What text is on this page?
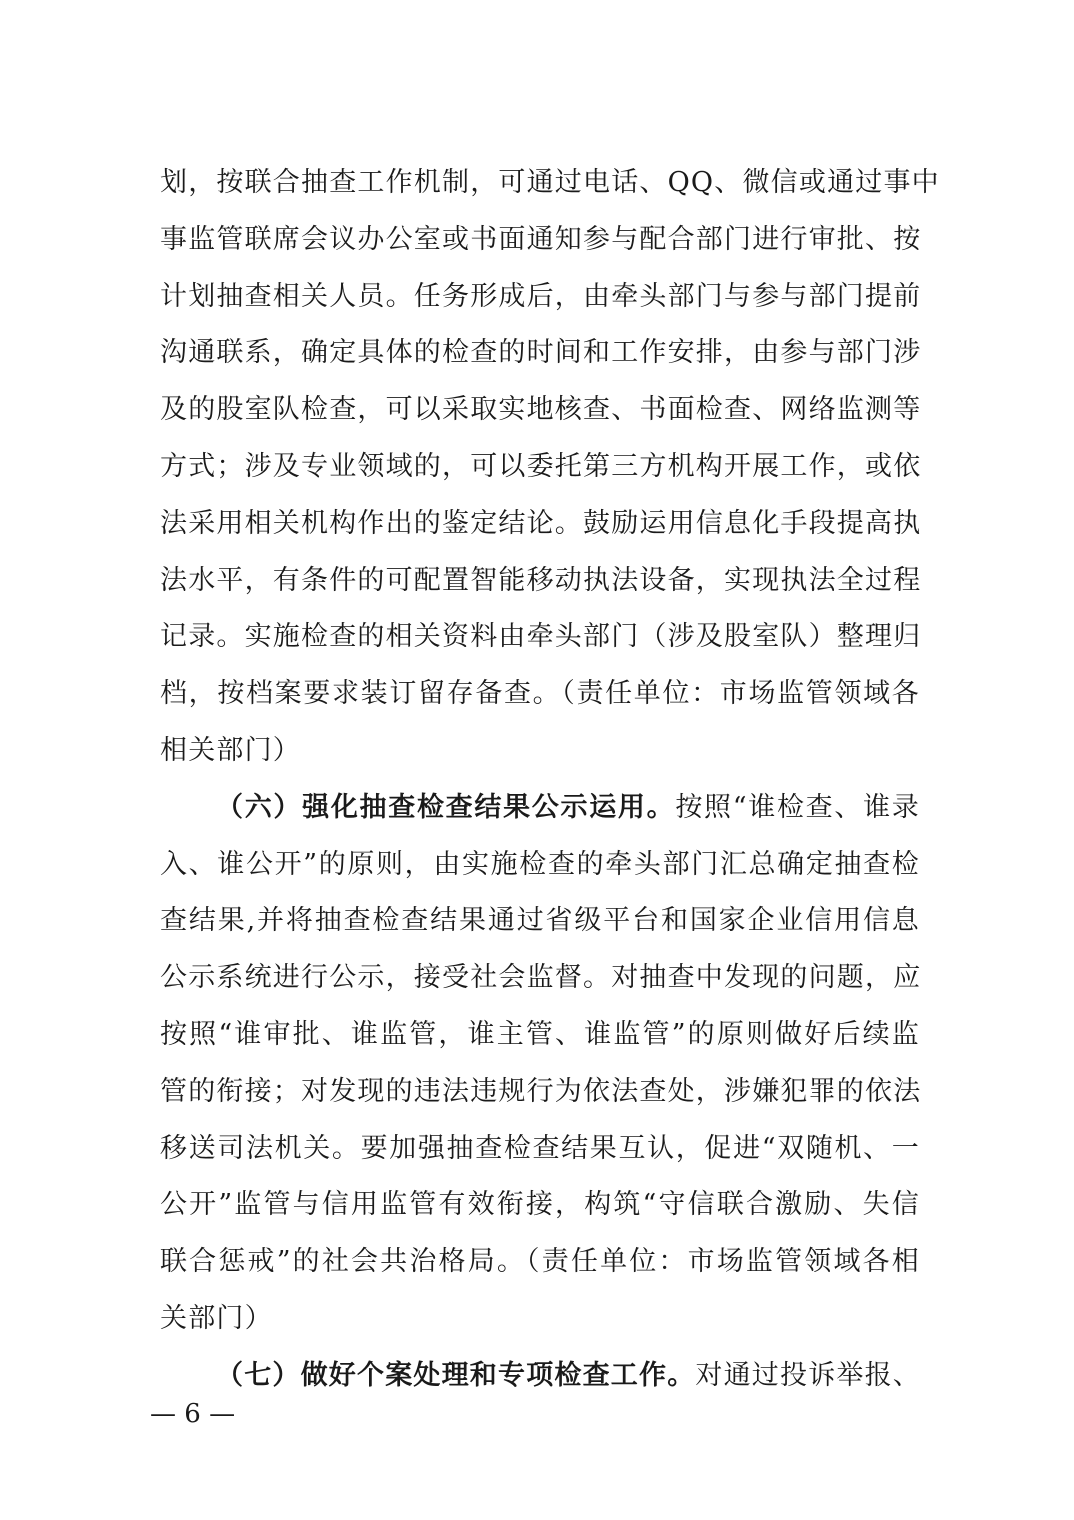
划，按联合抽查工作机制，可通过电话、QQ、微信或通过事中
事监管联席会议办公室或书面通知参与配合部门进行审批、按
计划抽查相关人员。任务形成后，由牵头部门与参与部门提前
沟通联系，确定具体的检查的时间和工作安排，由参与部门涉
及的股室队检查，可以采取实地核查、书面检查、网络监测等
方式；涉及专业领域的，可以委托第三方机构开展工作，或依
法采用相关机构作出的鉴定结论。鼓励运用信息化手段提高执
法水平，有条件的可配置智能移动执法设备，实现执法全过程
记录。实施检查的相关资料由牵头部门（涉及股室队）整理归
档，按档案要求装订留存备查。（责任单位：市场监管领域各
相关部门）
（六）强化抽查检查结果公示运用。按照“谁检查、谁录
入、谁公开”的原则，由实施检查的牵头部门汇总确定抽查检
查结果,并将抽查检查结果通过省级平台和国家企业信用信息
公示系统进行公示，接受社会监督。对抽查中发现的问题，应
按照“谁审批、谁监管，谁主管、谁监管”的原则做好后续监
管的衔接；对发现的违法违规行为依法查处，涉嫌犯罪的依法
移送司法机关。要加强抽查检查结果互认，促进“双随机、一
公开”监管与信用监管有效衔接，构筑“守信联合激励、失信
联合惩戒”的社会共治格局。（责任单位：市场监管领域各相
关部门）
（七）做好个案处理和专项检查工作。对通过投诉举报、
— 6 —
